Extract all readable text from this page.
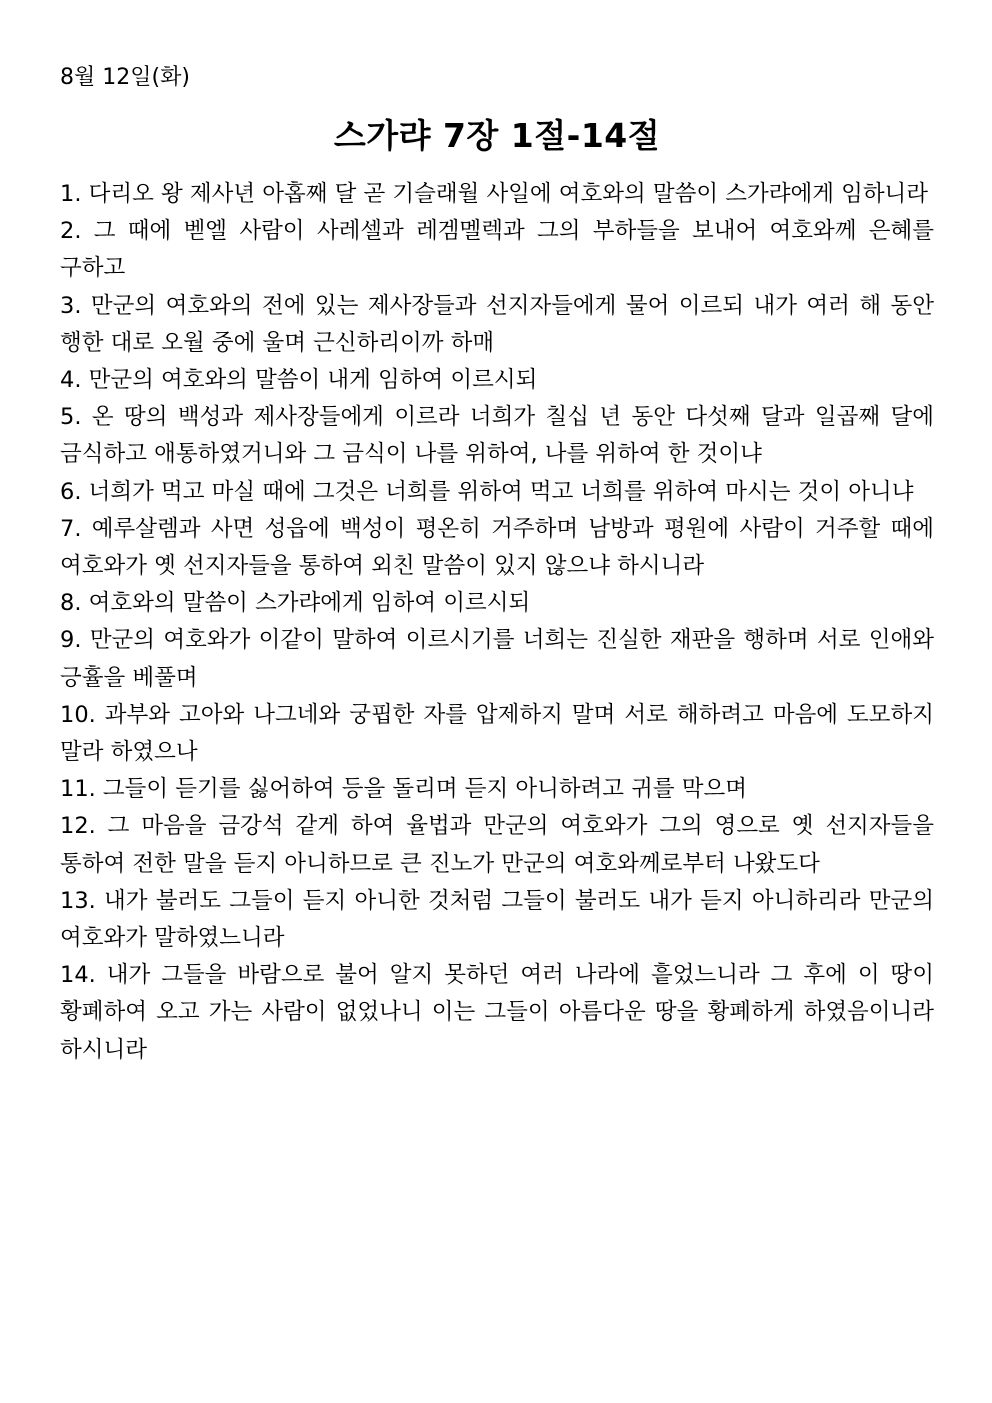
8월 12일(화)

스가랴 7장 1절-14절

1. 다리오 왕 제사년 아홉째 달 곧 기슬래월 사일에 여호와의 말씀이 스가랴에게 임하니라

2. 그 때에 벧엘 사람이 사레셀과 레겜멜렉과 그의 부하들을 보내어 여호와께 은혜를 구하고

3. 만군의 여호와의 전에 있는 제사장들과 선지자들에게 물어 이르되 내가 여러 해 동안 행한 대로 오월 중에 울며 근신하리이까 하매

4. 만군의 여호와의 말씀이 내게 임하여 이르시되

5. 온 땅의 백성과 제사장들에게 이르라 너희가 칠십 년 동안 다섯째 달과 일곱째 달에 금식하고 애통하였거니와 그 금식이 나를 위하여, 나를 위하여 한 것이냐

6. 너희가 먹고 마실 때에 그것은 너희를 위하여 먹고 너희를 위하여 마시는 것이 아니냐

7. 예루살렘과 사면 성읍에 백성이 평온히 거주하며 남방과 평원에 사람이 거주할 때에 여호와가 옛 선지자들을 통하여 외친 말씀이 있지 않으냐 하시니라

8. 여호와의 말씀이 스가랴에게 임하여 이르시되

9. 만군의 여호와가 이같이 말하여 이르시기를 너희는 진실한 재판을 행하며 서로 인애와 긍휼을 베풀며

10. 과부와 고아와 나그네와 궁핍한 자를 압제하지 말며 서로 해하려고 마음에 도모하지 말라 하였으나

11. 그들이 듣기를 싫어하여 등을 돌리며 듣지 아니하려고 귀를 막으며

12. 그 마음을 금강석 같게 하여 율법과 만군의 여호와가 그의 영으로 옛 선지자들을 통하여 전한 말을 듣지 아니하므로 큰 진노가 만군의 여호와께로부터 나왔도다

13. 내가 불러도 그들이 듣지 아니한 것처럼 그들이 불러도 내가 듣지 아니하리라 만군의 여호와가 말하였느니라

14. 내가 그들을 바람으로 불어 알지 못하던 여러 나라에 흩었느니라 그 후에 이 땅이 황폐하여 오고 가는 사람이 없었나니 이는 그들이 아름다운 땅을 황폐하게 하였음이니라 하시니라
